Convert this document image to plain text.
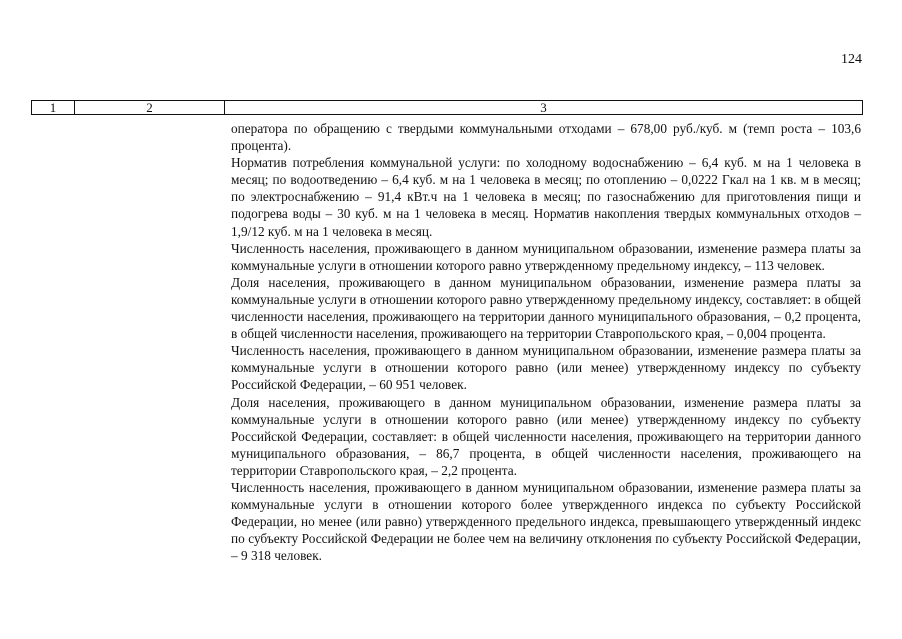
124
1	2	3

оператора по обращению с твердыми коммунальными отходами – 678,00 руб./куб. м (темп роста – 103,6 процента).

Норматив потребления коммунальной услуги: по холодному водоснабжению – 6,4 куб. м на 1 человека в месяц; по водоотведению – 6,4 куб. м на 1 человека в месяц; по отоплению – 0,0222 Гкал на 1 кв. м в месяц; по электроснабжению – 91,4 кВт.ч на 1 человека в месяц; по газоснабжению для приготовления пищи и подогрева воды – 30 куб. м на 1 человека в месяц. Норматив накопления твердых коммунальных отходов – 1,9/12 куб. м на 1 человека в месяц.

Численность населения, проживающего в данном муниципальном образовании, изменение размера платы за коммунальные услуги в отношении которого равно утвержденному предельному индексу, – 113 человек.

Доля населения, проживающего в данном муниципальном образовании, изменение размера платы за коммунальные услуги в отношении которого равно утвержденному предельному индексу, составляет: в общей численности населения, проживающего на территории данного муниципального образования, – 0,2 процента, в общей численности населения, проживающего на территории Ставропольского края, – 0,004 процента.

Численность населения, проживающего в данном муниципальном образовании, изменение размера платы за коммунальные услуги в отношении которого равно (или менее) утвержденному индексу по субъекту Российской Федерации, – 60 951 человек.

Доля населения, проживающего в данном муниципальном образовании, изменение размера платы за коммунальные услуги в отношении которого равно (или менее) утвержденному индексу по субъекту Российской Федерации, составляет: в общей численности населения, проживающего на территории данного муниципального образования, – 86,7 процента, в общей численности населения, проживающего на территории Ставропольского края, – 2,2 процента.

Численность населения, проживающего в данном муниципальном образовании, изменение размера платы за коммунальные услуги в отношении которого более утвержденного индекса по субъекту Российской Федерации, но менее (или равно) утвержденного предельного индекса, превышающего утвержденный индекс по субъекту Российской Федерации не более чем на величину отклонения по субъекту Российской Федерации, – 9 318 человек.
